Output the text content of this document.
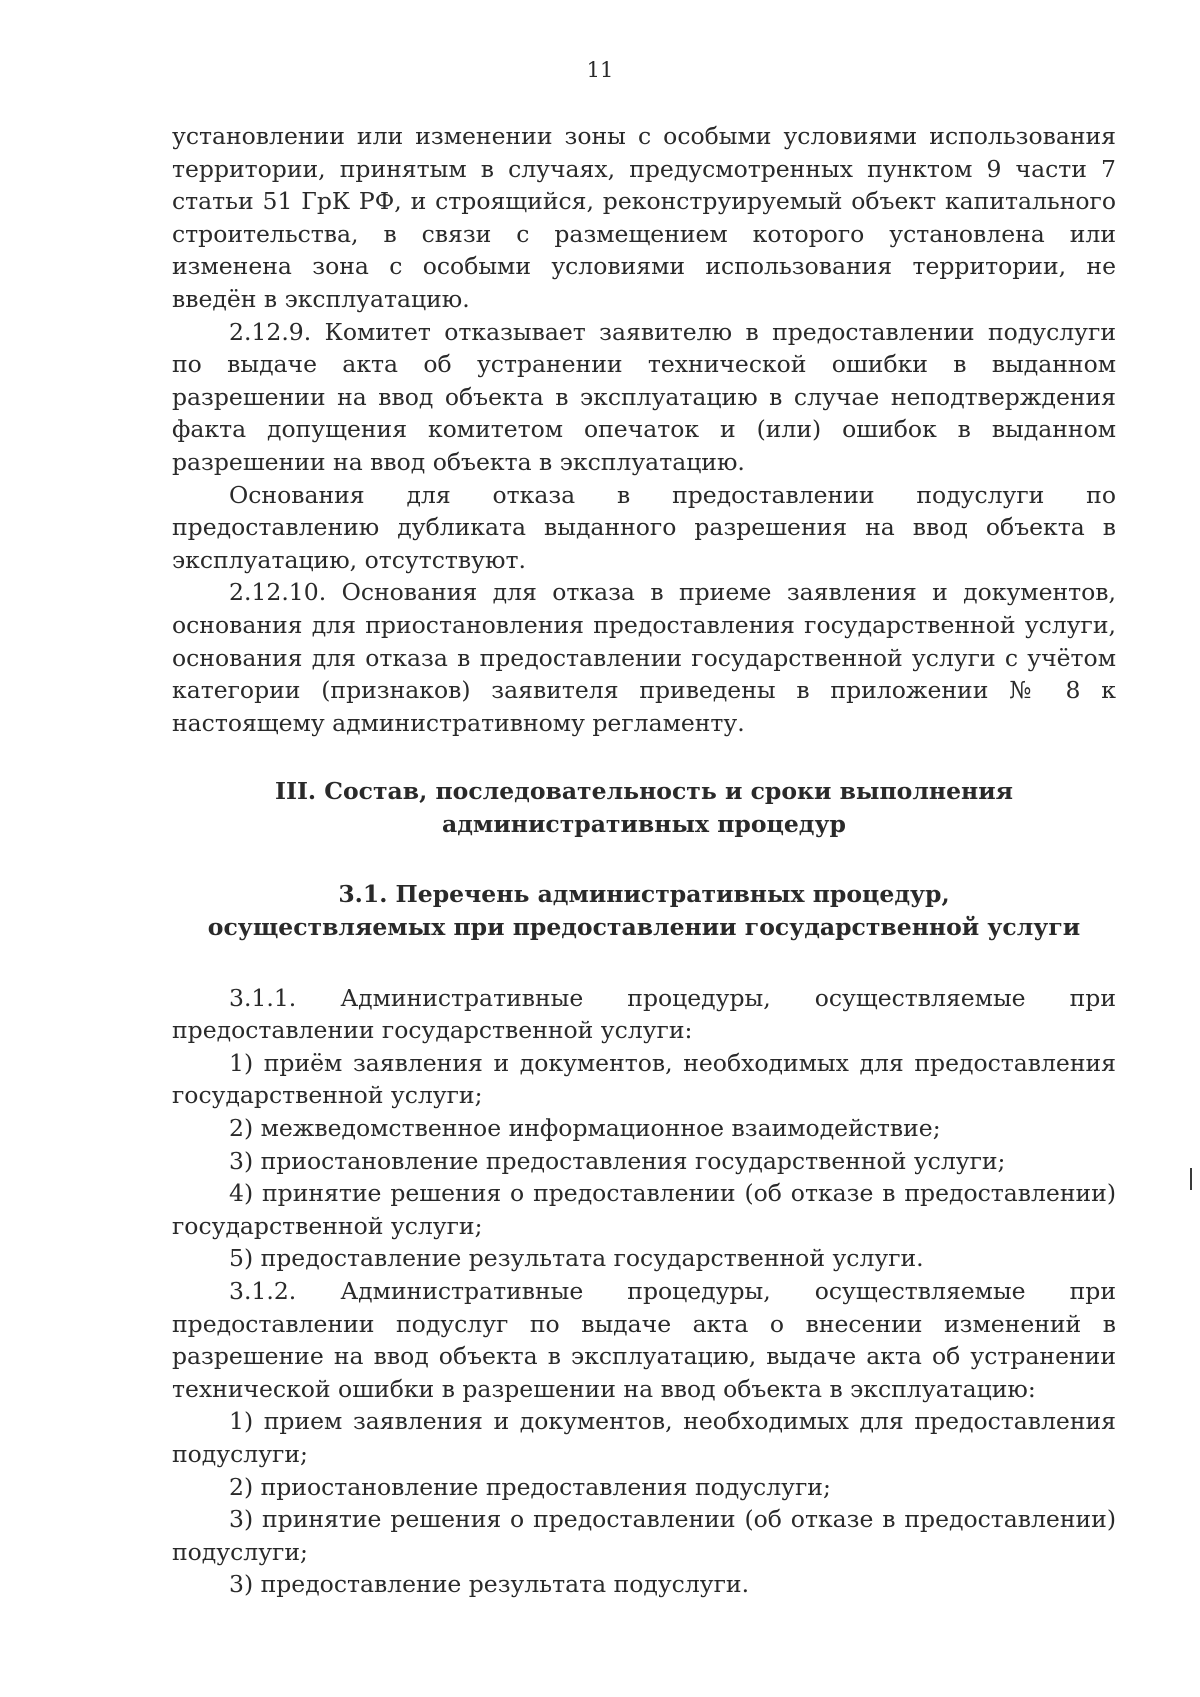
11

установлении или изменении зоны с особыми условиями использования территории, принятым в случаях, предусмотренных пунктом 9 части 7 статьи 51 ГрК РФ, и строящийся, реконструируемый объект капитального строительства, в связи с размещением которого установлена или изменена зона с особыми условиями использования территории, не введён в эксплуатацию.

2.12.9. Комитет отказывает заявителю в предоставлении подуслуги по выдаче акта об устранении технической ошибки в выданном разрешении на ввод объекта в эксплуатацию в случае неподтверждения факта допущения комитетом опечаток и (или) ошибок в выданном разрешении на ввод объекта в эксплуатацию.

Основания для отказа в предоставлении подуслуги по предоставлению дубликата выданного разрешения на ввод объекта в эксплуатацию, отсутствуют.

2.12.10. Основания для отказа в приеме заявления и документов, основания для приостановления предоставления государственной услуги, основания для отказа в предоставлении государственной услуги с учётом категории (признаков) заявителя приведены в приложении № 8 к настоящему административному регламенту.

III. Состав, последовательность и сроки выполнения
административных процедур
3.1. Перечень административных процедур,
осуществляемых при предоставлении государственной услуги

3.1.1. Административные процедуры, осуществляемые при предоставлении государственной услуги:

1) приём заявления и документов, необходимых для предоставления государственной услуги;

2) межведомственное информационное взаимодействие;

3) приостановление предоставления государственной услуги;

4) принятие решения о предоставлении (об отказе в предоставлении) государственной услуги;

5) предоставление результата государственной услуги.

3.1.2. Административные процедуры, осуществляемые при предоставлении подуслуг по выдаче акта о внесении изменений в разрешение на ввод объекта в эксплуатацию, выдаче акта об устранении технической ошибки в разрешении на ввод объекта в эксплуатацию:

1) прием заявления и документов, необходимых для предоставления подуслуги;

2) приостановление предоставления подуслуги;

3) принятие решения о предоставлении (об отказе в предоставлении) подуслуги;

3) предоставление результата подуслуги.
